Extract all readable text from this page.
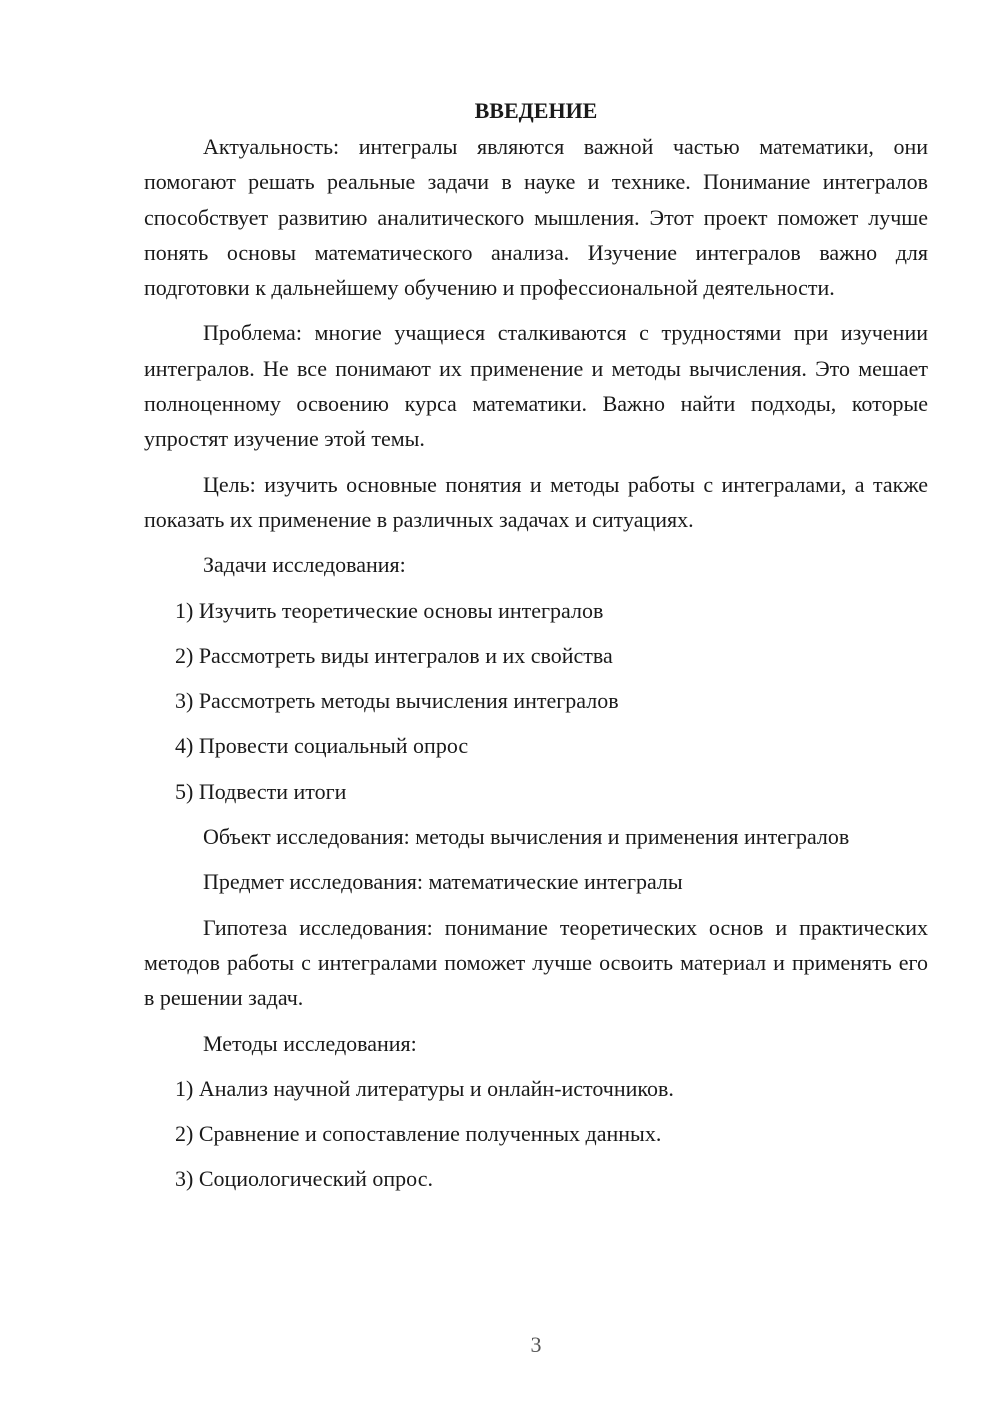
ВВЕДЕНИЕ

Актуальность: интегралы являются важной частью математики, они помогают решать реальные задачи в науке и технике. Понимание интегралов способствует развитию аналитического мышления. Этот проект поможет лучше понять основы математического анализа. Изучение интегралов важно для подготовки к дальнейшему обучению и профессиональной деятельности.

Проблема: многие учащиеся сталкиваются с трудностями при изучении интегралов. Не все понимают их применение и методы вычисления. Это мешает полноценному освоению курса математики. Важно найти подходы, которые упростят изучение этой темы.

Цель: изучить основные понятия и методы работы с интегралами, а также показать их применение в различных задачах и ситуациях.

Задачи исследования:

1) Изучить теоретические основы интегралов
2) Рассмотреть виды интегралов и их свойства
3) Рассмотреть методы вычисления интегралов
4) Провести социальный опрос
5) Подвести итоги

Объект исследования: методы вычисления и применения интегралов

Предмет исследования: математические интегралы

Гипотеза исследования: понимание теоретических основ и практических методов работы с интегралами поможет лучше освоить материал и применять его в решении задач.

Методы исследования:

1) Анализ научной литературы и онлайн-источников.
2) Сравнение и сопоставление полученных данных.
3) Социологический опрос.
3
